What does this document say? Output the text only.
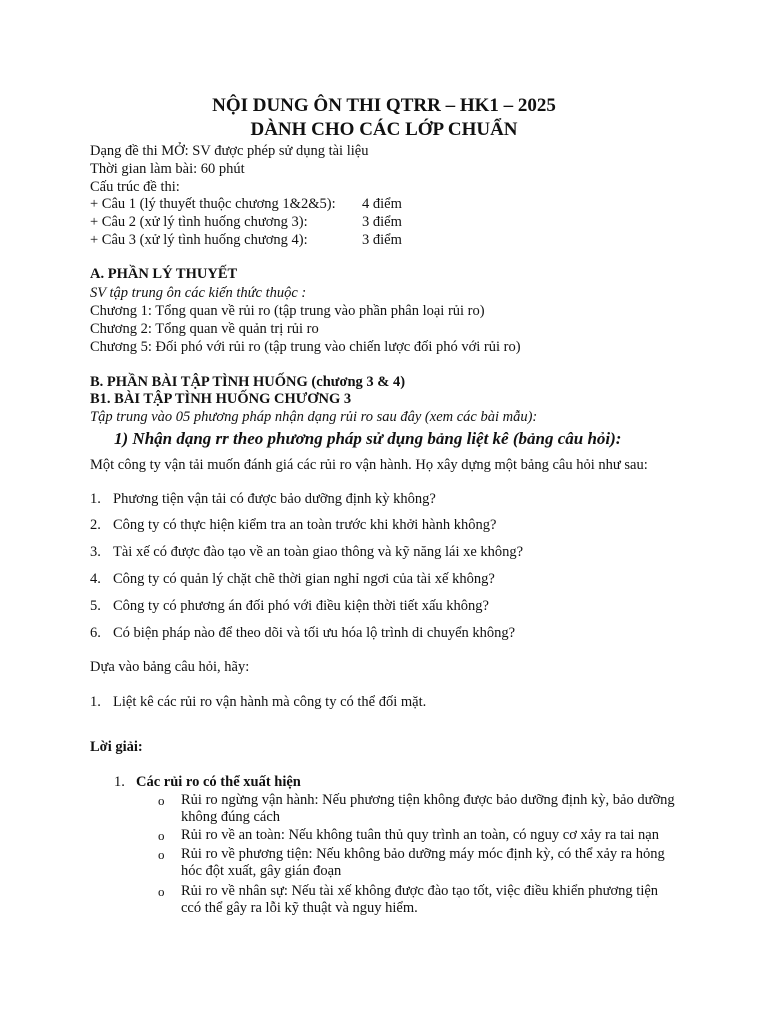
NỘI DUNG ÔN THI QTRR – HK1 – 2025
DÀNH CHO CÁC LỚP CHUẨN
Dạng đề thi MỞ: SV được phép sử dụng tài liệu
Thời gian làm bài: 60 phút
Cấu trúc đề thi:
+ Câu 1 (lý thuyết thuộc chương 1&2&5): 4 điểm
+ Câu 2 (xử lý tình huống chương 3):	3 điểm
+ Câu 3 (xử lý tình huống chương 4):	3 điểm
A. PHẦN LÝ THUYẾT
SV tập trung ôn các kiến thức thuộc :
Chương 1: Tổng quan về rủi ro (tập trung vào phần phân loại rủi ro)
Chương 2: Tổng quan về quản trị rủi ro
Chương 5: Đối phó với rủi ro (tập trung vào chiến lược đối phó với rủi ro)
B. PHẦN BÀI TẬP TÌNH HUỐNG (chương 3 & 4)
B1. BÀI TẬP TÌNH HUỐNG CHƯƠNG 3
Tập trung vào 05 phương pháp nhận dạng rủi ro sau đây (xem các bài mẫu):
1) Nhận dạng rr theo phương pháp sử dụng bảng liệt kê (bảng câu hỏi):
Một công ty vận tải muốn đánh giá các rủi ro vận hành. Họ xây dựng một bảng câu hỏi như sau:
1. Phương tiện vận tải có được bảo dưỡng định kỳ không?
2. Công ty có thực hiện kiểm tra an toàn trước khi khởi hành không?
3. Tài xế có được đào tạo về an toàn giao thông và kỹ năng lái xe không?
4. Công ty có quản lý chặt chẽ thời gian nghỉ ngơi của tài xế không?
5. Công ty có phương án đối phó với điều kiện thời tiết xấu không?
6. Có biện pháp nào để theo dõi và tối ưu hóa lộ trình di chuyển không?
Dựa vào bảng câu hỏi, hãy:
1. Liệt kê các rủi ro vận hành mà công ty có thể đối mặt.
Lời giải:
1. Các rủi ro có thể xuất hiện
o Rủi ro ngừng vận hành: Nếu phương tiện không được bảo dưỡng định kỳ, bảo dưỡng không đúng cách
o Rủi ro về an toàn: Nếu không tuân thủ quy trình an toàn, có nguy cơ xảy ra tai nạn
o Rủi ro về phương tiện: Nếu không bảo dưỡng máy móc định kỳ, có thể xảy ra hỏng hóc đột xuất, gây gián đoạn
o Rủi ro về nhân sự: Nếu tài xế không được đào tạo tốt, việc điều khiển phương tiện ccó thể gây ra lỗi kỹ thuật và nguy hiểm.
